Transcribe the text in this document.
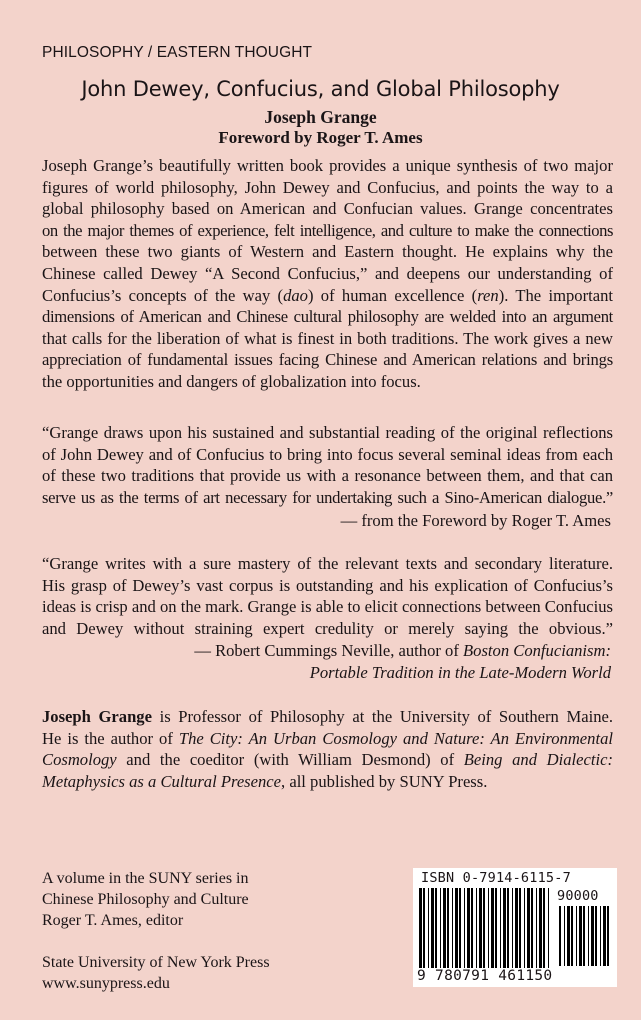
PHILOSOPHY / EASTERN THOUGHT
John Dewey, Confucius, and Global Philosophy
Joseph Grange
Foreword by Roger T. Ames
Joseph Grange’s beautifully written book provides a unique synthesis of two major
figures of world philosophy, John Dewey and Confucius, and points the way to a
global philosophy based on American and Confucian values. Grange concentrates
on the major themes of experience, felt intelligence, and culture to make the connections
between these two giants of Western and Eastern thought. He explains why the
Chinese called Dewey “A Second Confucius,” and deepens our understanding of
Confucius’s concepts of the way (dao) of human excellence (ren). The important
dimensions of American and Chinese cultural philosophy are welded into an argument
that calls for the liberation of what is finest in both traditions. The work gives a new
appreciation of fundamental issues facing Chinese and American relations and brings
the opportunities and dangers of globalization into focus.
“Grange draws upon his sustained and substantial reading of the original reflections
of John Dewey and of Confucius to bring into focus several seminal ideas from each
of these two traditions that provide us with a resonance between them, and that can
serve us as the terms of art necessary for undertaking such a Sino-American dialogue.”
— from the Foreword by Roger T. Ames
“Grange writes with a sure mastery of the relevant texts and secondary literature.
His grasp of Dewey’s vast corpus is outstanding and his explication of Confucius’s
ideas is crisp and on the mark. Grange is able to elicit connections between Confucius
and Dewey without straining expert credulity or merely saying the obvious.”
— Robert Cummings Neville, author of Boston Confucianism:
Portable Tradition in the Late-Modern World
Joseph Grange is Professor of Philosophy at the University of Southern Maine.
He is the author of The City: An Urban Cosmology and Nature: An Environmental
Cosmology and the coeditor (with William Desmond) of Being and Dialectic:
Metaphysics as a Cultural Presence, all published by SUNY Press.
A volume in the SUNY series in
Chinese Philosophy and Culture
Roger T. Ames, editor
State University of New York Press
www.sunypress.edu
ISBN 0-7914-6115-7
90000
9 780791 461150
